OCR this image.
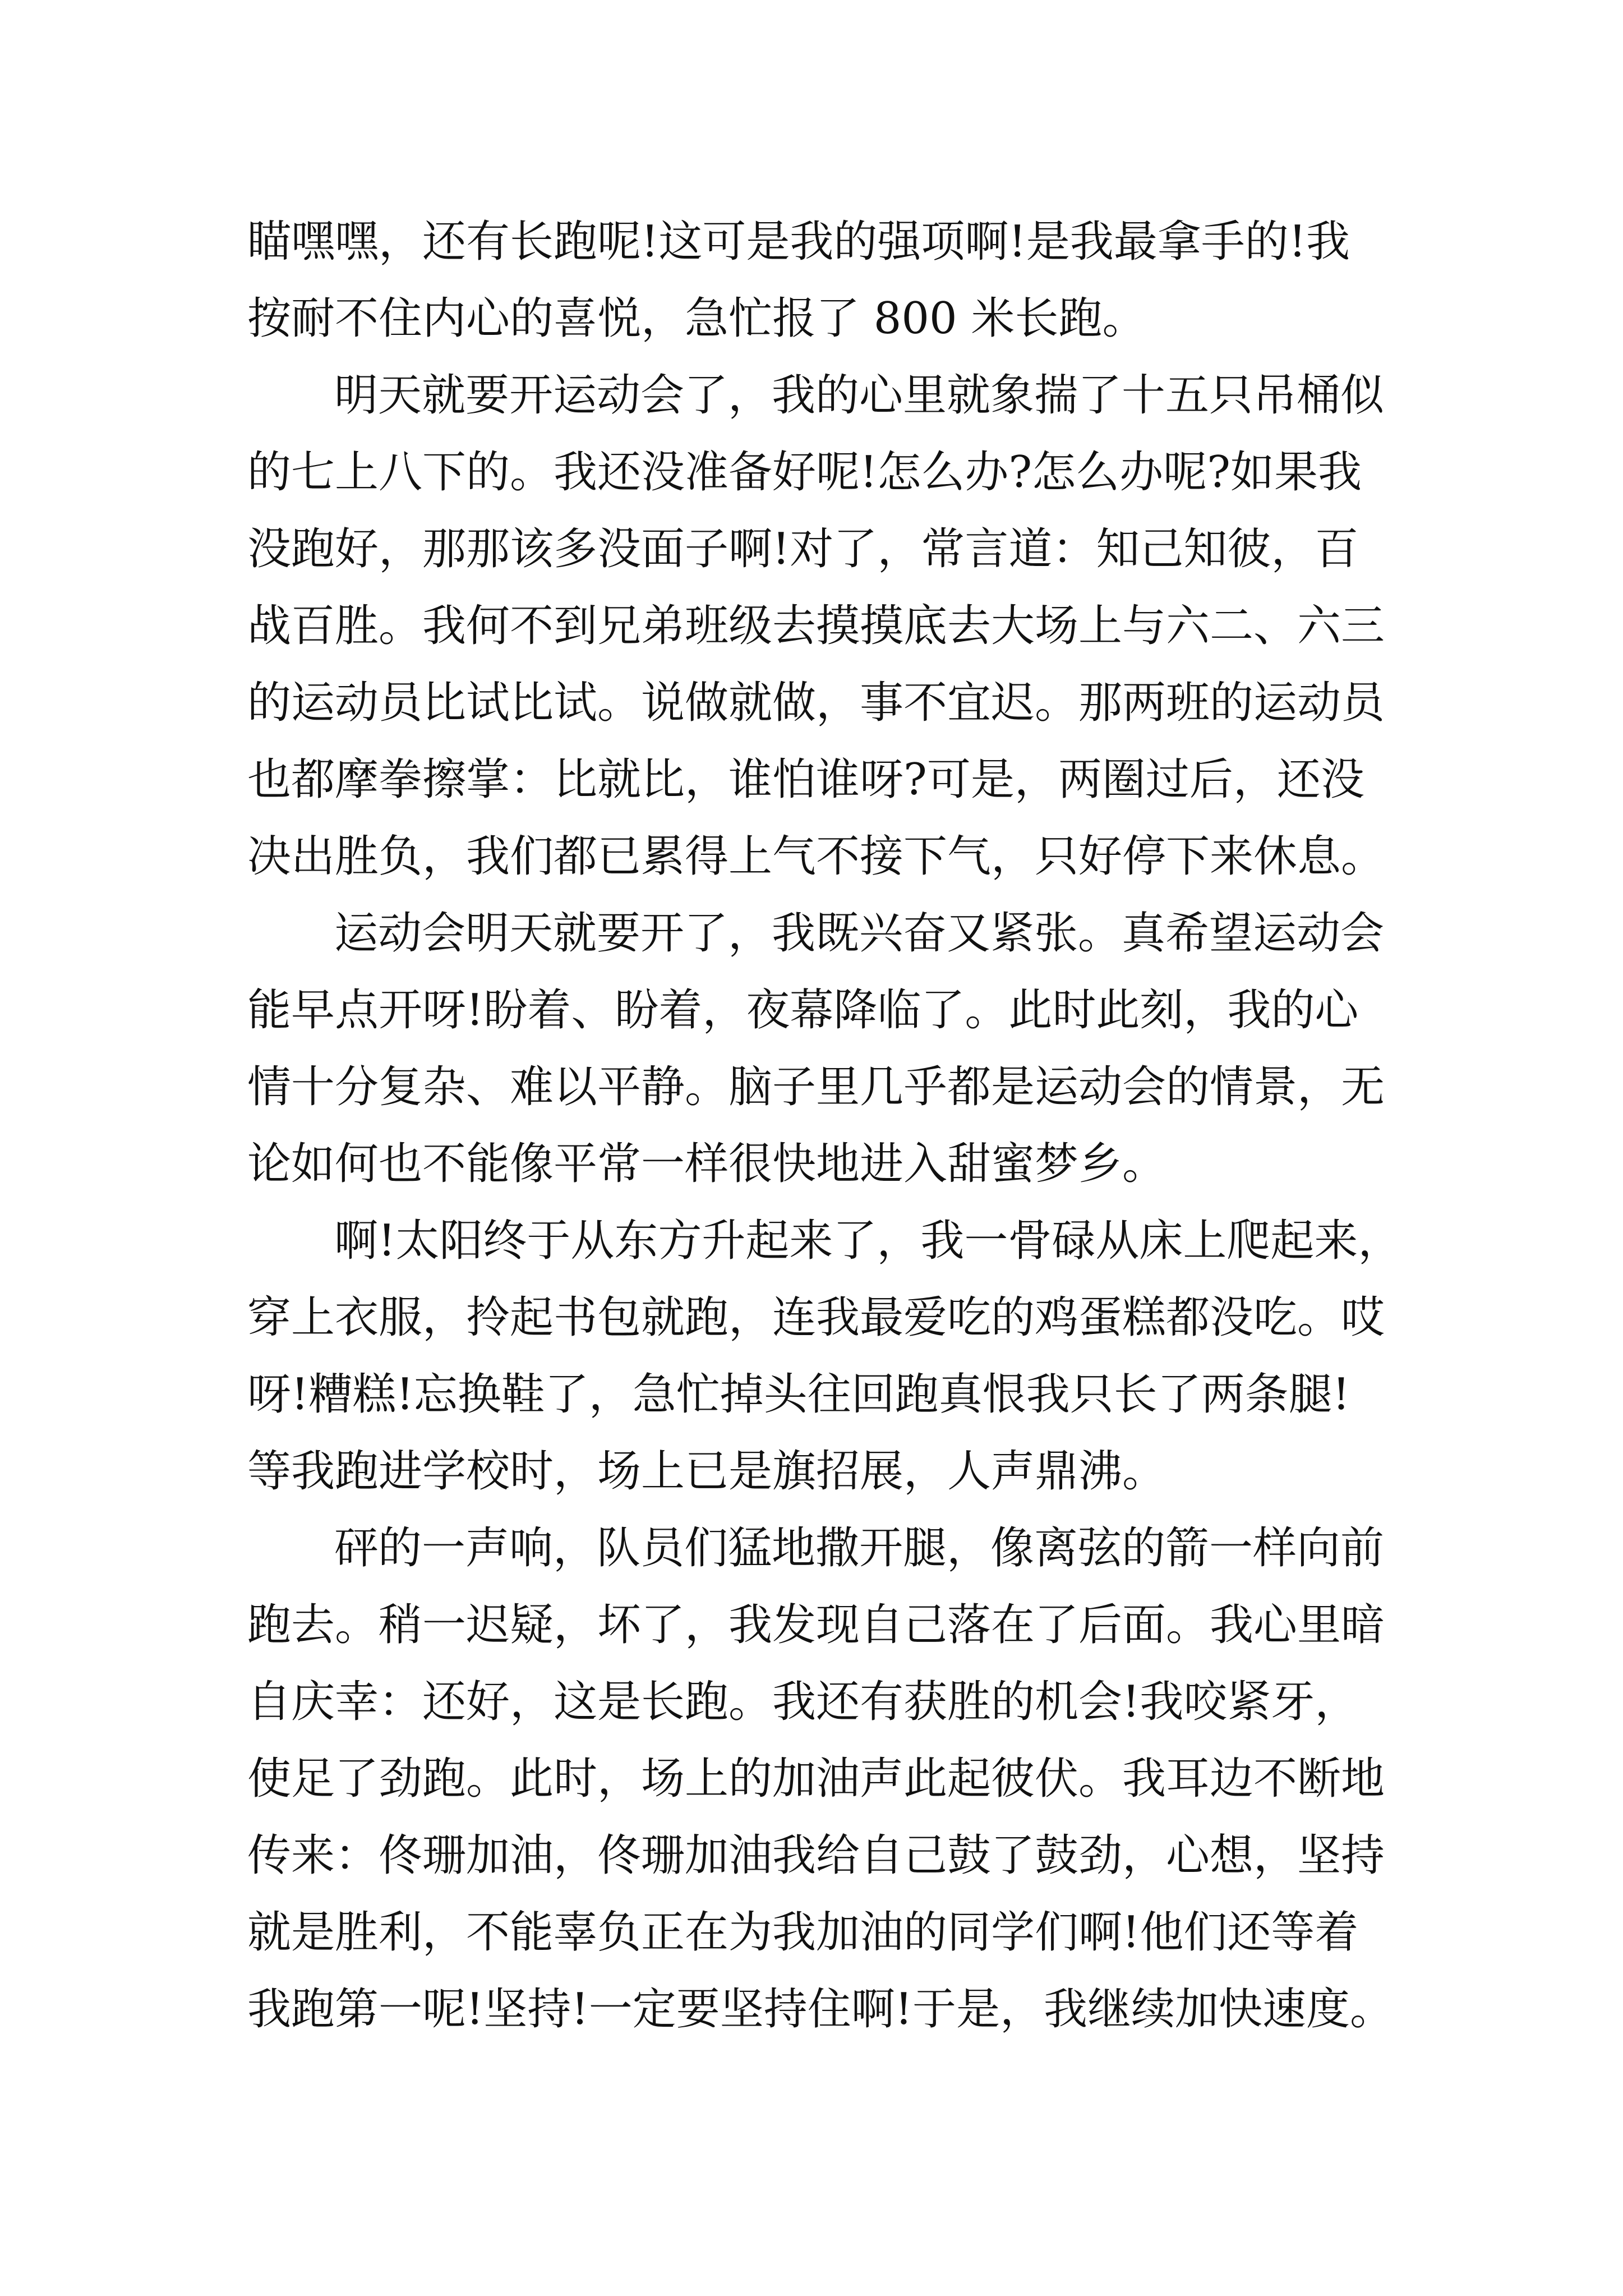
瞄嘿嘿，还有长跑呢!这可是我的强项啊!是我最拿手的!我

按耐不住内心的喜悦，急忙报了 800 米长跑。

明天就要开运动会了，我的心里就象揣了十五只吊桶似

的七上八下的。我还没准备好呢!怎么办?怎么办呢?如果我

没跑好，那那该多没面子啊!对了，常言道：知己知彼，百

战百胜。我何不到兄弟班级去摸摸底去大场上与六二、六三

的运动员比试比试。说做就做，事不宜迟。那两班的运动员

也都摩拳擦掌：比就比，谁怕谁呀?可是，两圈过后，还没

决出胜负，我们都已累得上气不接下气，只好停下来休息。

运动会明天就要开了，我既兴奋又紧张。真希望运动会

能早点开呀!盼着、盼着，夜幕降临了。此时此刻，我的心

情十分复杂、难以平静。脑子里几乎都是运动会的情景，无

论如何也不能像平常一样很快地进入甜蜜梦乡。

啊!太阳终于从东方升起来了，我一骨碌从床上爬起来，

穿上衣服，拎起书包就跑，连我最爱吃的鸡蛋糕都没吃。哎

呀!糟糕!忘换鞋了，急忙掉头往回跑真恨我只长了两条腿!

等我跑进学校时，场上已是旗招展，人声鼎沸。

砰的一声响，队员们猛地撒开腿，像离弦的箭一样向前

跑去。稍一迟疑，坏了，我发现自己落在了后面。我心里暗

自庆幸：还好，这是长跑。我还有获胜的机会!我咬紧牙，

使足了劲跑。此时，场上的加油声此起彼伏。我耳边不断地

传来：佟珊加油，佟珊加油我给自己鼓了鼓劲，心想，坚持

就是胜利，不能辜负正在为我加油的同学们啊!他们还等着

我跑第一呢!坚持!一定要坚持住啊!于是，我继续加快速度。
